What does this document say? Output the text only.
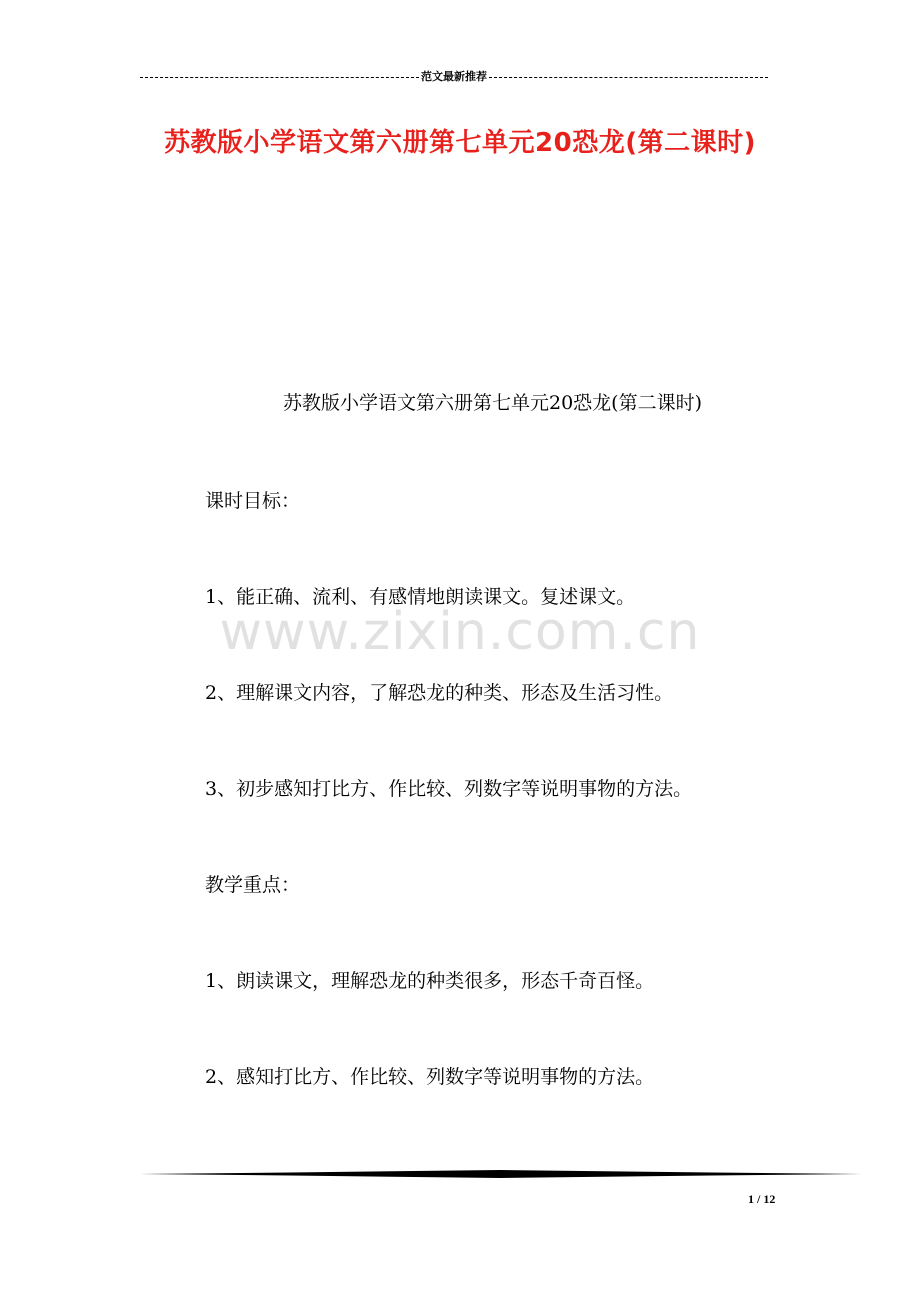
范文最新推荐
苏教版小学语文第六册第七单元20恐龙(第二课时)
苏教版小学语文第六册第七单元20恐龙(第二课时)
课时目标：
1、能正确、流利、有感情地朗读课文。复述课文。
2、理解课文内容，了解恐龙的种类、形态及生活习性。
3、初步感知打比方、作比较、列数字等说明事物的方法。
教学重点：
1、朗读课文，理解恐龙的种类很多，形态千奇百怪。
2、感知打比方、作比较、列数字等说明事物的方法。
www.zixin.com.cn
1 / 12
